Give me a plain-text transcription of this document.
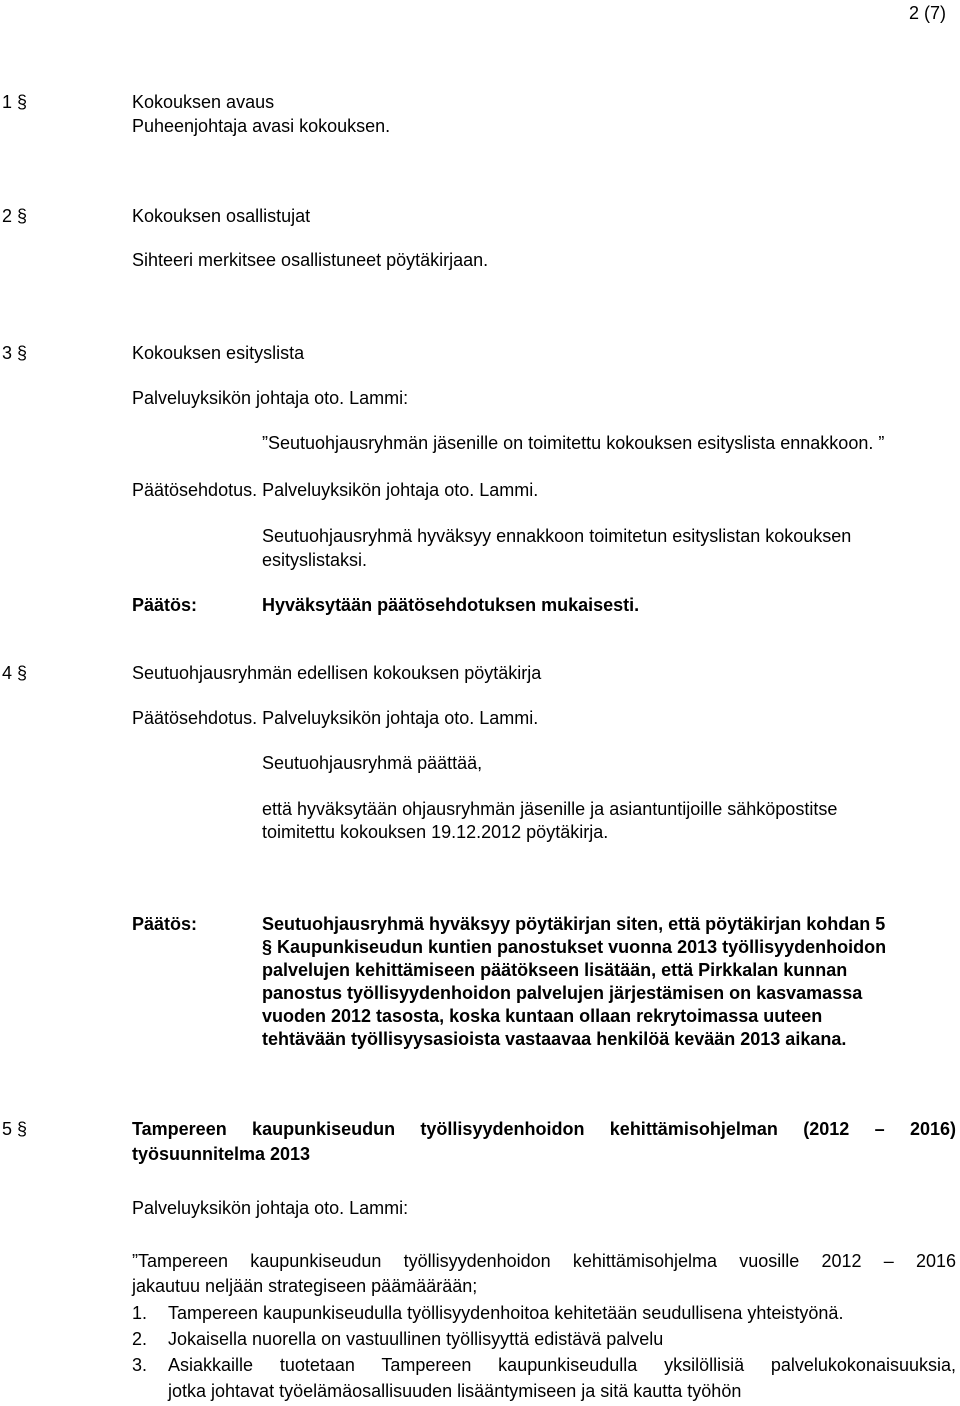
2 (7)
1 §	Kokouksen avaus
Puheenjohtaja avasi kokouksen.
2 §	Kokouksen osallistujat
Sihteeri merkitsee osallistuneet pöytäkirjaan.
3 §	Kokouksen esityslista
Palveluyksikön johtaja oto. Lammi:
”Seutuohjausryhmän jäsenille on toimitettu kokouksen esityslista ennakkoon. ”
Päätösehdotus. Palveluyksikön johtaja oto. Lammi.
Seutuohjausryhmä hyväksyy ennakkoon toimitetun esityslistan kokouksen
esityslistaksi.
Päätös:	Hyväksytään päätösehdotuksen mukaisesti.
4 §	Seutuohjausryhmän edellisen kokouksen pöytäkirja
Päätösehdotus. Palveluyksikön johtaja oto. Lammi.
Seutuohjausryhmä päättää,
että hyväksytään ohjausryhmän jäsenille ja asiantuntijoille sähköpostitse
toimitettu kokouksen 19.12.2012 pöytäkirja.
Päätös:	Seutuohjausryhmä hyväksyy pöytäkirjan siten, että pöytäkirjan kohdan 5
§ Kaupunkiseudun kuntien panostukset vuonna 2013 työllisyydenhoidon
palvelujen kehittämiseen päätökseen lisätään, että Pirkkalan kunnan
panostus työllisyydenhoidon palvelujen järjestämisen on kasvamassa
vuoden 2012 tasosta, koska kuntaan ollaan rekrytoimassa uuteen
tehtävään työllisyysasioista vastaavaa henkilöä kevään 2013 aikana.
5 §	Tampereen kaupunkiseudun työllisyydenhoidon kehittämisohjelman (2012 – 2016)
työsuunnitelma 2013
Palveluyksikön johtaja oto. Lammi:
”Tampereen kaupunkiseudun työllisyydenhoidon kehittämisohjelma vuosille 2012 – 2016
jakautuu neljään strategiseen päämäärään;
1. Tampereen kaupunkiseudulla työllisyydenhoitoa kehitetään seudullisena yhteistyönä.
2. Jokaisella nuorella on vastuullinen työllisyyttä edistävä palvelu
3. Asiakkaille tuotetaan Tampereen kaupunkiseudulla yksilöllisiä palvelukokonaisuuksia,
jotka johtavat työelämäosallisuuden lisääntymiseen ja sitä kautta työhön
